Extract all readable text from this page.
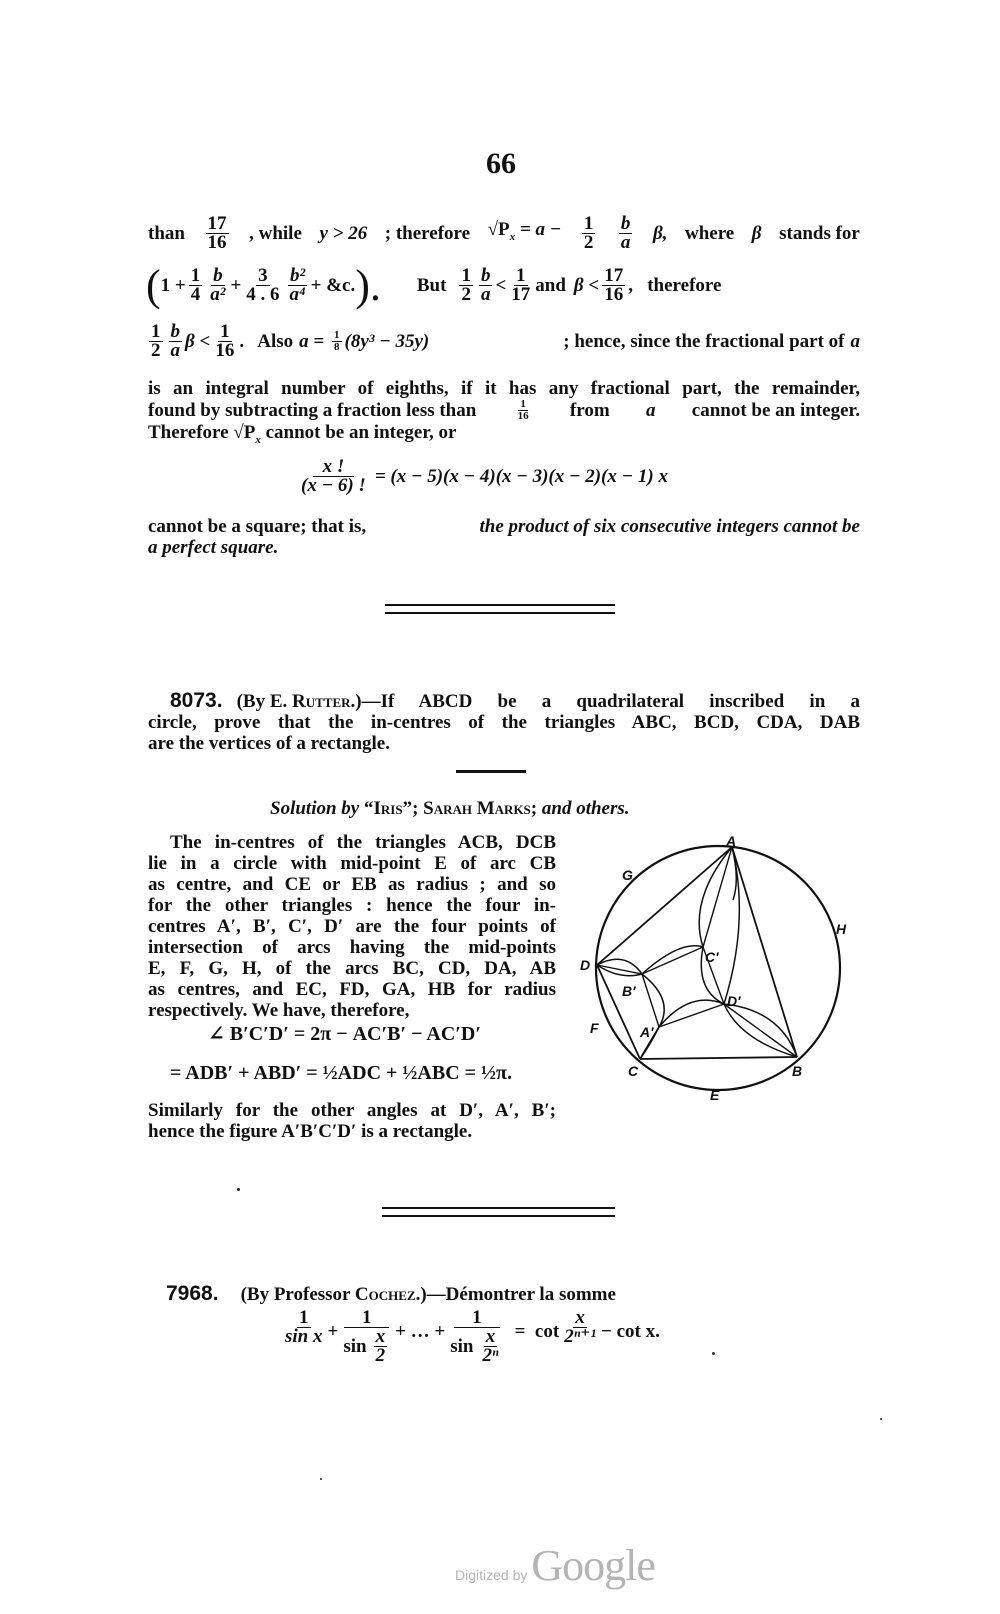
66
than $\frac{17}{16}$ , while y > 26 ; therefore $√P_x = a - \frac{1}{2} \frac{b}{a} \beta$, where β stands for
( $1 + \frac{1}{4} \frac{b}{\text{a²}} + \frac{3}{4 . 6} \frac{\text{b²}}{\text{a⁴}}$ + &c. ). But $\frac{1}{2} \frac{b}{a} < \frac{1}{17}$ and $\beta < \frac{17}{16}$ ,   therefore
$\frac{1}{2} \frac{b}{a}$ $\beta < \frac{1}{16}$ .   Also $a = \frac{1}{8} (8y^3 - 35y)$	; hence, since the fractional part of a
is an integral number of eighths, if it has any fractional part, the remainder,
found by subtracting a fraction less than	$\frac{1}{16}$ from a cannot be an integer.
Therefore $√P_x$ cannot be an integer, or
$\frac{x !}{(x - 6) !} = (x - 5)(x - 4)(x - 3)(x - 2)(x - 1)$ x
cannot be a square; that is,	the product of six consecutive integers cannot be
a perfect square.
8073. (By E. Rutter .)—If ABCD be a quadrilateral inscribed in a
circle, prove that the in-centres of the triangles ABC, BCD, CDA, DAB
are the vertices of a rectangle.
Solution by “Iris”; Sarah Marks; and others.
The in-centres of the triangles ACB, DCB
lie in a circle with mid-point E of arc CB
as centre, and CE or EB as radius ; and so
for the other triangles : hence the four in-
centres A′, B′, C′, D′ are the four points of
intersection of arcs having the mid-points
E, F, G, H, of the arcs BC, CD, DA, AB
as centres, and EC, FD, GA, HB for radius
respectively. We have, therefore,
∠ B′C′D′ = 2π − AC′B′ − AC′D′
= ADB′ + ABD′ = ½ADC + ½ABC = ½π.
Similarly for the other angles at D′, A′, B′;
hence the figure A′B′C′D′ is a rectangle.
A
B
C
D
E
F
G
H
A′
B′
C′
D′
7968. (By Professor Cochez .)—Démontrer la somme
$\frac{1}{\text{sin x}} + \frac{1}{\sin \frac{x}{2}}$ + … + $\frac{1}{\sin \frac{x}{\text{2ⁿ}}} = \cot \frac{x}{\text{2ⁿ⁺¹}} - \cot x$.
Digitized by Google
